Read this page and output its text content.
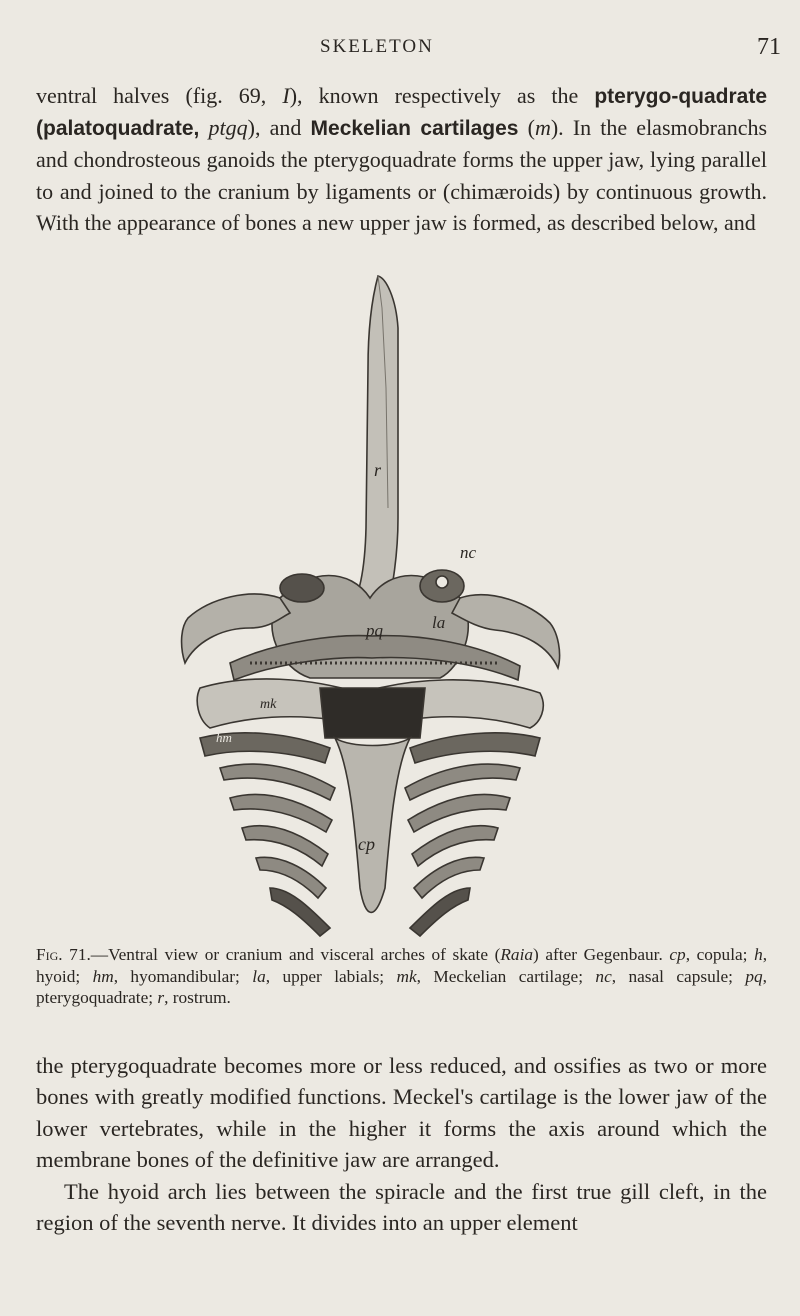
SKELETON	71

ventral halves (fig. 69, I), known respectively as the pterygo-quadrate (palatoquadrate, ptgq), and Meckelian cartilages (m). In the elasmobranchs and chondrosteous ganoids the pterygoquadrate forms the upper jaw, lying parallel to and joined to the cranium by ligaments or (chimæroids) by continuous growth. With the appearance of bones a new upper jaw is formed, as described below, and

r
nc
la
pq
mk
hm
cp

Fig. 71.—Ventral view or cranium and visceral arches of skate (Raia) after Gegenbaur. cp, copula; h, hyoid; hm, hyomandibular; la, upper labials; mk, Meckelian cartilage; nc, nasal capsule; pq, pterygoquadrate; r, rostrum.

the pterygoquadrate becomes more or less reduced, and ossifies as two or more bones with greatly modified functions. Meckel's cartilage is the lower jaw of the lower vertebrates, while in the higher it forms the axis around which the membrane bones of the definitive jaw are arranged.
The hyoid arch lies between the spiracle and the first true gill cleft, in the region of the seventh nerve. It divides into an upper element
